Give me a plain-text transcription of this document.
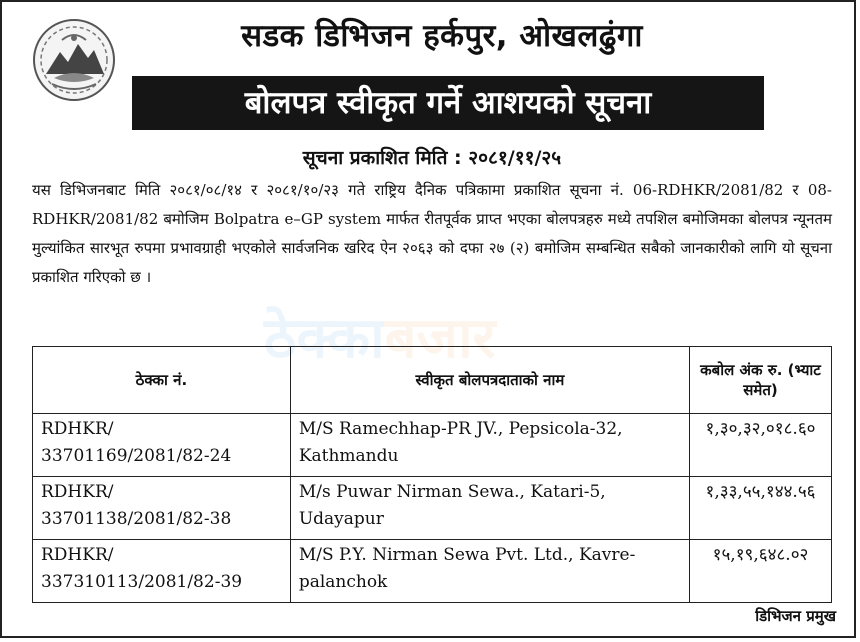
सडक डिभिजन हर्कपुर, ओखलढुंगा
बोलपत्र स्वीकृत गर्ने आशयको सूचना
सूचना प्रकाशित मिति : २०८१/११/२५
यस डिभिजनबाट मिति २०८१/०८/१४ र २०८१/१०/२३ गते राष्ट्रिय दैनिक पत्रिकामा प्रकाशित सूचना नं. 06-RDHKR/2081/82 र 08-RDHKR/2081/82 बमोजिम Bolpatra e–GP system मार्फत रीतपूर्वक प्राप्त भएका बोलपत्रहरु मध्ये तपशिल बमोजिमका बोलपत्र न्यूनतम मुल्यांकित सारभूत रुपमा प्रभावग्राही भएकोले सार्वजनिक खरिद ऐन २०६३ को दफा २७ (२) बमोजिम सम्बन्धित सबैको जानकारीको लागि यो सूचना प्रकाशित गरिएको छ ।
ठेक्काबजार
ठेक्का नं.	स्वीकृत बोलपत्रदाताको नाम	कबोल अंक रु. (भ्याट समेत)
RDHKR/ 33701169/2081/82-24	M/S Ramechhap-PR JV., Pepsicola-32, Kathmandu	१,३०,३२,०१८.६०
RDHKR/ 33701138/2081/82-38	M/s Puwar Nirman Sewa., Katari-5, Udayapur	१,३३,५५,१४४.५६
RDHKR/ 337310113/2081/82-39	M/S P.Y. Nirman Sewa Pvt. Ltd., Kavre-palanchok	१५,१९,६४८.०२
डिभिजन प्रमुख
